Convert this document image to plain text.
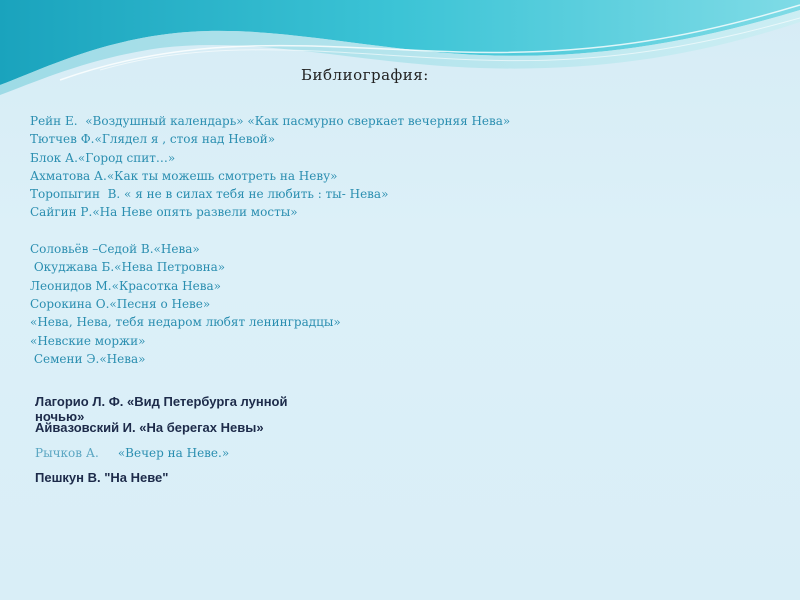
Библиография:
Рейн Е.  «Воздушный календарь» «Как пасмурно сверкает вечерняя Нева»
Тютчев Ф.«Глядел я , стоя над Невой»
Блок А.«Город спит…»
Ахматова А.«Как ты можешь смотреть на Неву»
Торопыгин  В. « я не в силах тебя не любить : ты- Нева»
Сайгин Р.«На Неве опять развели мосты»
Соловьёв –Седой В.«Нева»
Окуджава Б.«Нева Петровна»
Леонидов М.«Красотка Нева»
Сорокина О.«Песня о Неве»
«Нева, Нева, тебя недаром любят ленинградцы»
«Невские моржи»
Семени Э.«Нева»
Лагорио Л. Ф. «Вид Петербурга лунной ночью»
Айвазовский И. «На берегах Невы»
Рычков А.     «Вечер на Неве.»
Пешкун В. "На Неве"
